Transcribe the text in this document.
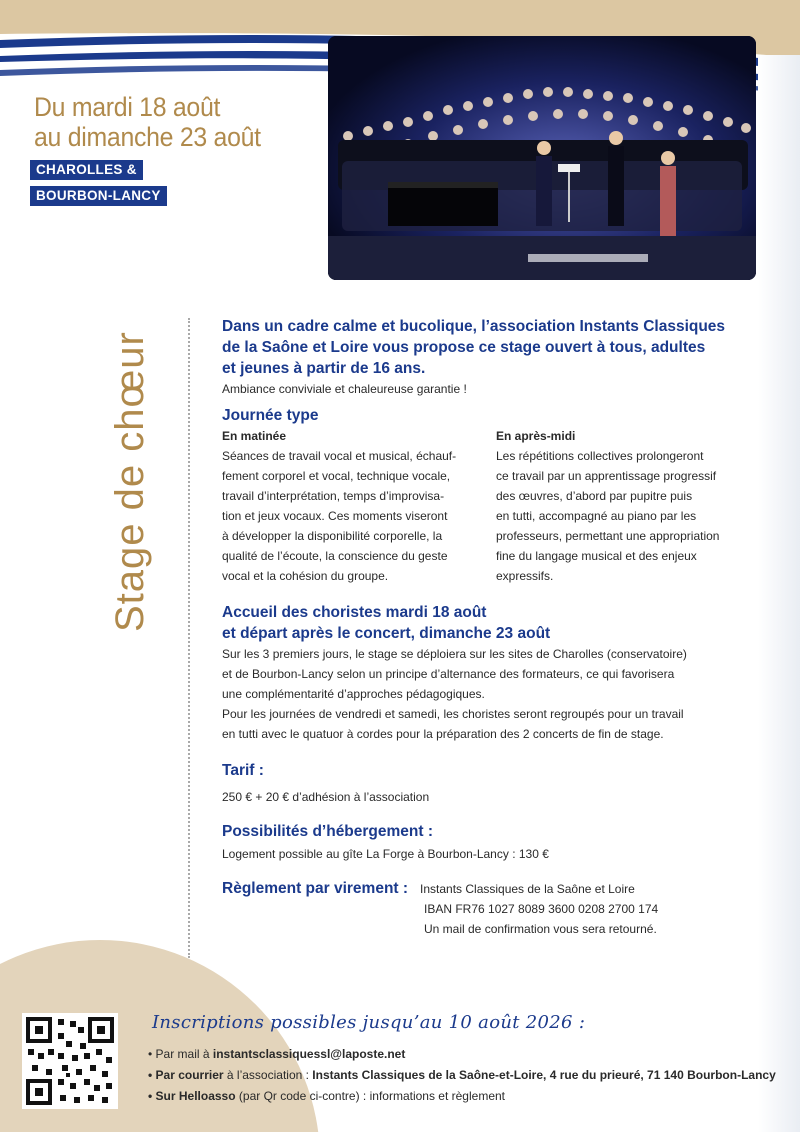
Du mardi 18 août
au dimanche 23 août
CHAROLLES &
BOURBON-LANCY
Stage de chœur

Dans un cadre calme et bucolique, l’association Instants Classiques

de la Saône et Loire vous propose ce stage ouvert à tous, adultes

et jeunes à partir de 16 ans.

Ambiance conviviale et chaleureuse garantie !

Journée type

En matinée

Séances de travail vocal et musical, échauf-

fement corporel et vocal, technique vocale,

travail d’interprétation, temps d’improvisa-

tion et jeux vocaux. Ces moments viseront

à développer la disponibilité corporelle, la

qualité de l’écoute, la conscience du geste

vocal et la cohésion du groupe.

En après-midi

Les répétitions collectives prolongeront

ce travail par un apprentissage progressif

des œuvres, d’abord par pupitre puis

en tutti, accompagné au piano par les

professeurs, permettant une appropriation

fine du langage musical et des enjeux

expressifs.

Accueil des choristes mardi 18 août

et départ après le concert, dimanche 23 août

Sur les 3 premiers jours, le stage se déploiera sur les sites de Charolles (conservatoire)

et de Bourbon-Lancy selon un principe d’alternance des formateurs, ce qui favorisera

une complémentarité d’approches pédagogiques.

Pour les journées de vendredi et samedi, les choristes seront regroupés pour un travail

en tutti avec le quatuor à cordes pour la préparation des 2 concerts de fin de stage.

Tarif :

250 € + 20 € d’adhésion à l’association

Possibilités d’hébergement :

Logement possible au gîte La Forge à Bourbon-Lancy : 130 €

Règlement par virement : Instants Classiques de la Saône et Loire
IBAN FR76 1027 8089 3600 0208 2700 174
Un mail de confirmation vous sera retourné.
Inscriptions possibles jusqu’au 10 août 2026 :
• Par mail à instantsclassiquessl@laposte.net
• Par courrier à l’association : Instants Classiques de la Saône-et-Loire, 4 rue du prieuré, 71 140 Bourbon-Lancy
• Sur Helloasso (par Qr code ci-contre) : informations et règlement
